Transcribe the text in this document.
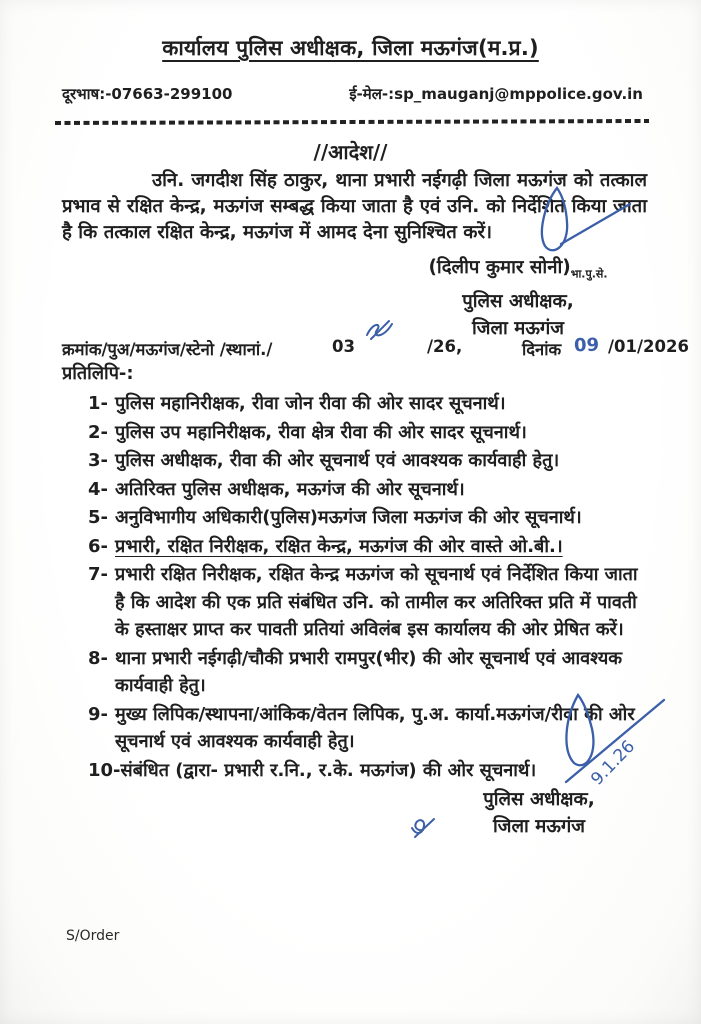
कार्यालय पुलिस अधीक्षक, जिला मऊगंज(म.प्र.)
दूरभाष:-07663-299100	ई-मेल-:sp_mauganj@mppolice.gov.in
//आदेश//
उनि. जगदीश सिंह ठाकुर, थाना प्रभारी नईगढ़ी जिला मऊगंज को तत्काल प्रभाव से रक्षित केन्द्र, मऊगंज सम्बद्ध किया जाता है एवं उनि. को निर्देशित किया जाता है कि तत्काल रक्षित केन्द्र, मऊगंज में आमद देना सुनिश्चित करें।
(दिलीप कुमार $सोनी)_{भा.पु.से.}$
पुलिस अधीक्षक,
जिला मऊगंज
क्रमांक/पुअ/मऊगंज/स्टेनो /स्थानां./	03	/26,	दिनांक 09 /01/2026
प्रतिलिपि-:
1- पुलिस महानिरीक्षक, रीवा जोन रीवा की ओर सादर सूचनार्थ।
2- पुलिस उप महानिरीक्षक, रीवा क्षेत्र रीवा की ओर सादर सूचनार्थ।
3- पुलिस अधीक्षक, रीवा की ओर सूचनार्थ एवं आवश्यक कार्यवाही हेतु।
4- अतिरिक्त पुलिस अधीक्षक, मऊगंज की ओर सूचनार्थ।
5- अनुविभागीय अधिकारी(पुलिस)मऊगंज जिला मऊगंज की ओर सूचनार्थ।
6- प्रभारी, रक्षित निरीक्षक, रक्षित केन्द्र, मऊगंज की ओर वास्ते ओ.बी.।
7- प्रभारी रक्षित निरीक्षक, रक्षित केन्द्र मऊगंज को सूचनार्थ एवं निर्देशित किया जाता है कि आदेश की एक प्रति संबंधित उनि. को तामील कर अतिरिक्त प्रति में पावती के हस्ताक्षर प्राप्त कर पावती प्रतियां अविलंब इस कार्यालय की ओर प्रेषित करें।
8- थाना प्रभारी नईगढ़ी/चौकी प्रभारी रामपुर(भीर) की ओर सूचनार्थ एवं आवश्यक कार्यवाही हेतु।
9- मुख्य लिपिक/स्थापना/आंकिक/वेतन लिपिक, पु.अ. कार्या.मऊगंज/रीवा की ओर सूचनार्थ एवं आवश्यक कार्यवाही हेतु।
10- संबंधित (द्वारा- प्रभारी र.नि., र.के. मऊगंज) की ओर सूचनार्थ।	9.1.26
पुलिस अधीक्षक,
जिला मऊगंज
S/Order
